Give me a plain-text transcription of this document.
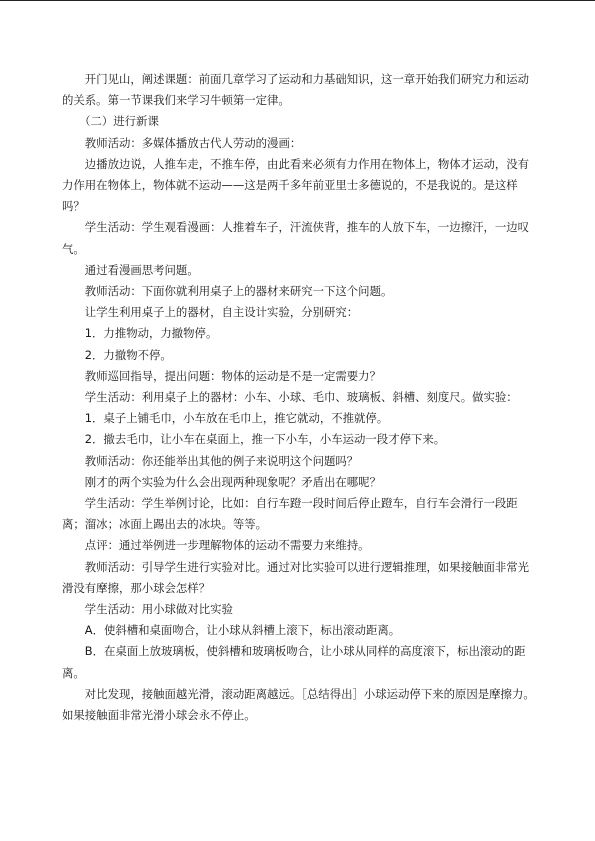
开门见山，阐述课题：前面几章学习了运动和力基础知识，这一章开始我们研究力和运动的关系。第一节课我们来学习牛顿第一定律。

（二）进行新课

教师活动：多媒体播放古代人劳动的漫画：

边播放边说，人推车走，不推车停，由此看来必须有力作用在物体上，物体才运动，没有力作用在物体上，物体就不运动——这是两千多年前亚里士多德说的，不是我说的。是这样吗？

学生活动：学生观看漫画：人推着车子，汗流侠背，推车的人放下车，一边擦汗，一边叹气。

通过看漫画思考问题。

教师活动：下面你就利用桌子上的器材来研究一下这个问题。

让学生利用桌子上的器材，自主设计实验，分别研究：

1．力推物动，力撤物停。

2．力撤物不停。

教师巡回指导，提出问题：物体的运动是不是一定需要力？

学生活动：利用桌子上的器材：小车、小球、毛巾、玻璃板、斜槽、刻度尺。做实验：

1．桌子上铺毛巾，小车放在毛巾上，推它就动，不推就停。

2．撤去毛巾，让小车在桌面上，推一下小车，小车运动一段才停下来。

教师活动：你还能举出其他的例子来说明这个问题吗？

刚才的两个实验为什么会出现两种现象呢？矛盾出在哪呢？

学生活动：学生举例讨论，比如：自行车蹬一段时间后停止蹬车，自行车会滑行一段距离；溜冰；冰面上踢出去的冰块。等等。

点评：通过举例进一步理解物体的运动不需要力来维持。

教师活动：引导学生进行实验对比。通过对比实验可以进行逻辑推理，如果接触面非常光滑没有摩擦，那小球会怎样？

学生活动：用小球做对比实验

A．使斜槽和桌面吻合，让小球从斜槽上滚下，标出滚动距离。

B．在桌面上放玻璃板，使斜槽和玻璃板吻合，让小球从同样的高度滚下，标出滚动的距离。

对比发现，接触面越光滑，滚动距离越远。［总结得出］小球运动停下来的原因是摩擦力。如果接触面非常光滑小球会永不停止。
